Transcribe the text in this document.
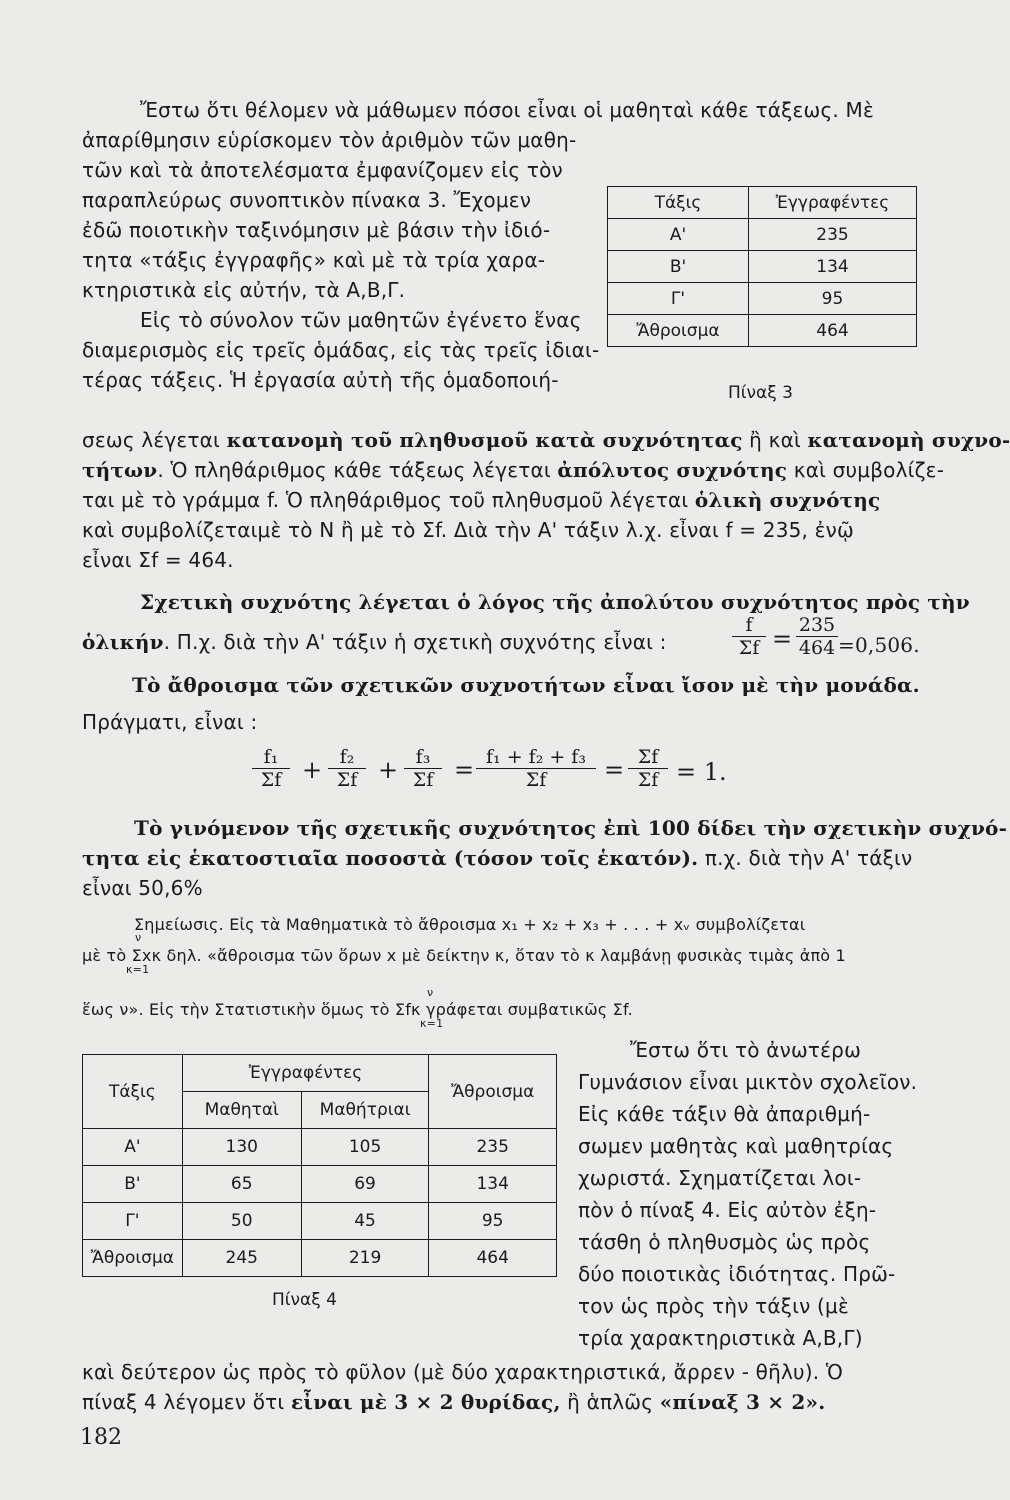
Ἔστω ὅτι θέλομεν νὰ μάθωμεν πόσοι εἶναι οἱ μαθηταὶ κάθε τάξεως. Μὲ
ἀπαρίθμησιν εὑρίσκομεν τὸν ἀριθμὸν τῶν μαθη-
τῶν καὶ τὰ ἀποτελέσματα ἐμφανίζομεν εἰς τὸν
παραπλεύρως συνοπτικὸν πίνακα 3. Ἔχομεν
ἐδῶ ποιοτικὴν ταξινόμησιν μὲ βάσιν τὴν ἰδιό-
τητα «τάξις ἐγγραφῆς» καὶ μὲ τὰ τρία χαρα-
κτηριστικὰ εἰς αὐτήν, τὰ Α,Β,Γ.
Εἰς τὸ σύνολον τῶν μαθητῶν ἐγένετο ἕνας
διαμερισμὸς εἰς τρεῖς ὁμάδας, εἰς τὰς τρεῖς ἰδιαι-
τέρας τάξεις. Ἡ ἐργασία αὐτὴ τῆς ὁμαδοποιή-
Τάξις	Ἐγγραφέντες
Α'	235
Β'	134
Γ'	95
Ἄθροισμα	464
Πίναξ 3
σεως λέγεται κατανομὴ τοῦ πληθυσμοῦ κατὰ συχνότητας ἢ καὶ κατανομὴ συχνο-
τήτων. Ὁ πληθάριθμος κάθε τάξεως λέγεται ἀπόλυτος συχνότης καὶ συμβολίζε-
ται μὲ τὸ γράμμα f. Ὁ πληθάριθμος τοῦ πληθυσμοῦ λέγεται ὁλικὴ συχνότης
καὶ συμβολίζεταιμὲ τὸ Ν ἢ μὲ τὸ Σf. Διὰ τὴν Α' τάξιν λ.χ. εἶναι f = 235, ἐνῷ
εἶναι Σf = 464.
Σχετικὴ συχνότης λέγεται ὁ λόγος τῆς ἀπολύτου συχνότητος πρὸς τὴν
ὁλικήν. Π.χ. διὰ τὴν Α' τάξιν ἡ σχετικὴ συχνότης εἶναι :	$\frac{f}{\Sigma f} = \frac{235}{464} =0,506$.
Τὸ ἄθροισμα τῶν σχετικῶν συχνοτήτων εἶναι ἴσον μὲ τὴν μονάδα.
Πράγματι, εἶναι :
$\frac{\text{f₁}}{\Sigma f} + \frac{\text{f₂}}{\Sigma f} + \frac{\text{f₃}}{\Sigma f} = \frac{\text{f₁ + f₂ + f₃}}{\Sigma f} = \frac{\Sigma f}{\Sigma f} = 1$.
Τὸ γινόμενον τῆς σχετικῆς συχνότητος ἐπὶ 100 δίδει τὴν σχετικὴν συχνό-
τητα εἰς ἑκατοστιαῖα ποσοστὰ (τόσον τοῖς ἑκατόν). π.χ. διὰ τὴν Α' τάξιν
εἶναι 50,6%
Σημείωσις. Εἰς τὰ Μαθηματικὰ τὸ ἄθροισμα x₁ + x₂ + x₃ + . . . + xᵥ συμβολίζεται
ν
μὲ τὸ Σxκ δηλ. «ἄθροισμα τῶν ὅρων x μὲ δείκτην κ, ὅταν τὸ κ λαμβάνῃ φυσικὰς τιμὰς ἀπὸ 1
κ=1
ν
ἕως ν». Εἰς τὴν Στατιστικὴν ὅμως τὸ Σfκ γράφεται συμβατικῶς Σf.
κ=1
Τάξις	Ἐγγραφέντες		Ἄθροισμα
	Μαθηταὶ	Μαθήτριαι	
Α'	130	105	235
Β'	65	69	134
Γ'	50	45	95
Ἄθροισμα	245	219	464
Πίναξ 4
Ἔστω ὅτι τὸ ἀνωτέρω
Γυμνάσιον εἶναι μικτὸν σχολεῖον.
Εἰς κάθε τάξιν θὰ ἀπαριθμή-
σωμεν μαθητὰς καὶ μαθητρίας
χωριστά. Σχηματίζεται λοι-
πὸν ὁ πίναξ 4. Εἰς αὐτὸν ἐξη-
τάσθη ὁ πληθυσμὸς ὡς πρὸς
δύο ποιοτικὰς ἰδιότητας. Πρῶ-
τον ὡς πρὸς τὴν τάξιν (μὲ
τρία χαρακτηριστικὰ Α,Β,Γ)
καὶ δεύτερον ὡς πρὸς τὸ φῦλον (μὲ δύο χαρακτηριστικά, ἄρρεν - θῆλυ). Ὁ
πίναξ 4 λέγομεν ὅτι εἶναι μὲ 3 × 2 θυρίδας, ἢ ἁπλῶς «πίναξ 3 × 2».
182
